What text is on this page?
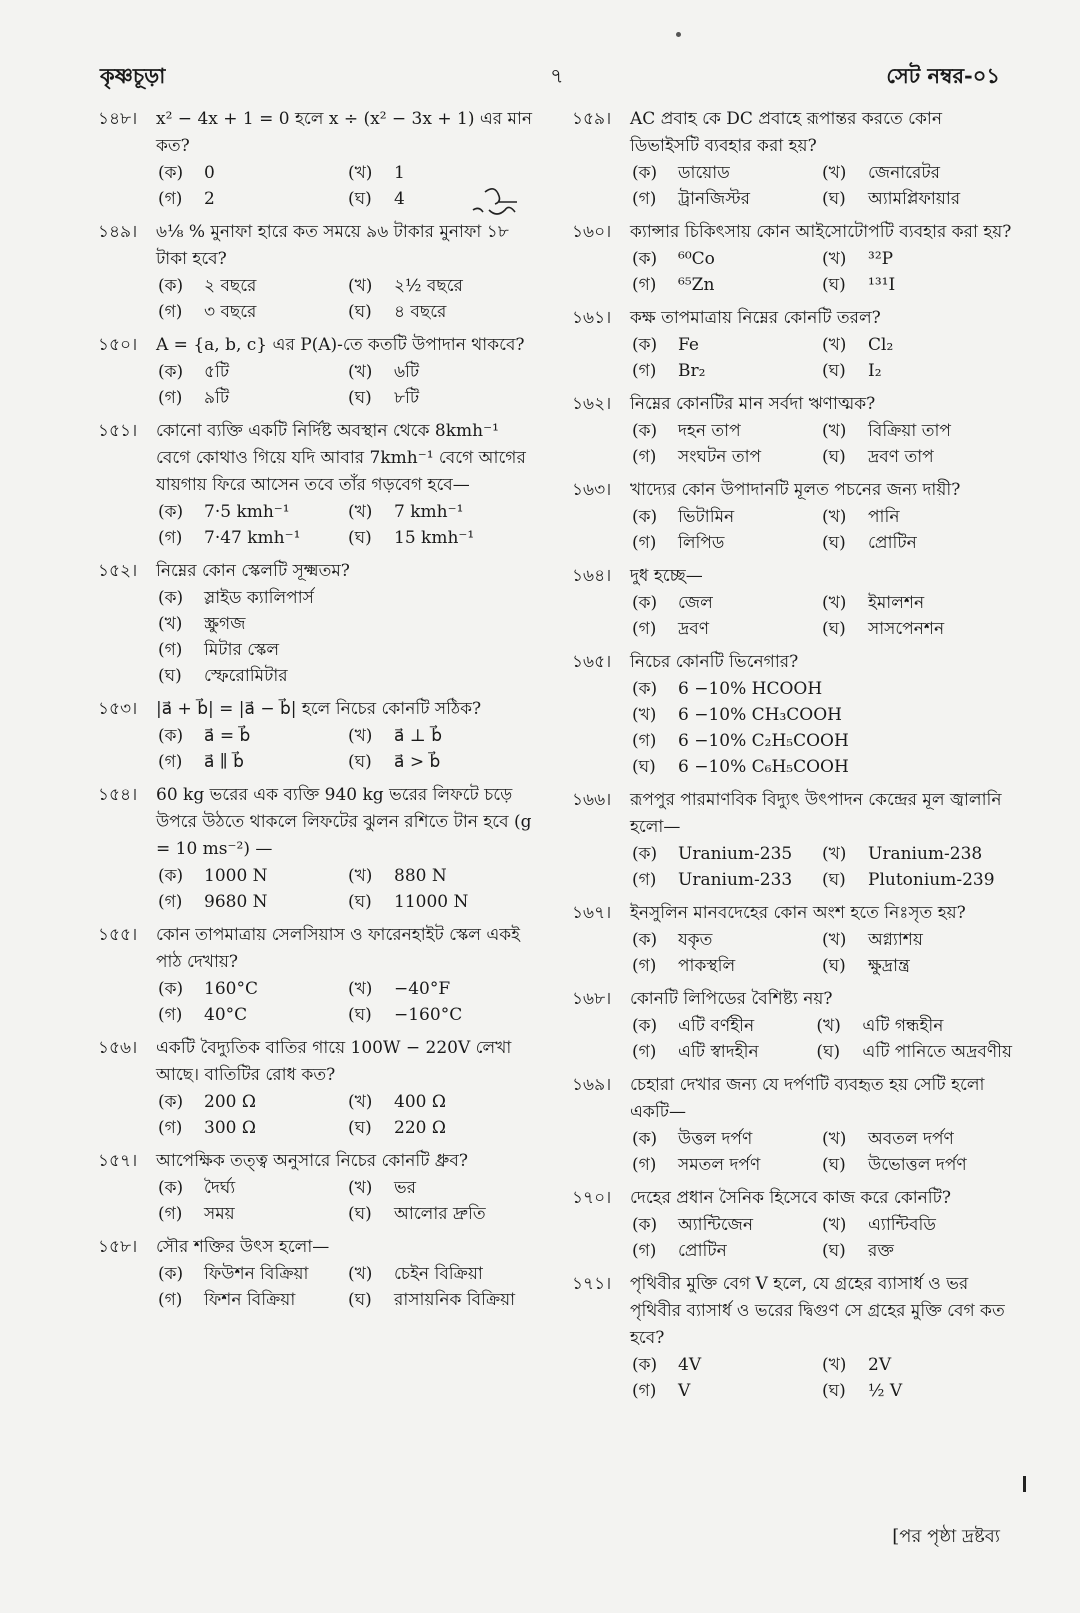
কৃষ্ণচূড়া	৭	সেট নম্বর-০১
১৪৮। x² − 4x + 1 = 0 হলে x ÷ (x² − 3x + 1) এর মান কত?
(ক) 0	(খ) 1
(গ) 2	(ঘ) 4
১৪৯। ৬⅛ % মুনাফা হারে কত সময়ে ৯৬ টাকার মুনাফা ১৮ টাকা হবে?
(ক) ২ বছরে	(খ) ২½ বছরে
(গ) ৩ বছরে	(ঘ) ৪ বছরে
১৫০। A = {a, b, c} এর P(A)-তে কতটি উপাদান থাকবে?
(ক) ৫টি	(খ) ৬টি
(গ) ৯টি	(ঘ) ৮টি
১৫১। কোনো ব্যক্তি একটি নির্দিষ্ট অবস্থান থেকে 8kmh⁻¹ বেগে কোথাও গিয়ে যদি আবার 7kmh⁻¹ বেগে আগের যায়গায় ফিরে আসেন তবে তাঁর গড়বেগ হবে—
(ক) 7·5 kmh⁻¹	(খ) 7 kmh⁻¹
(গ) 7·47 kmh⁻¹	(ঘ) 15 kmh⁻¹
১৫২। নিম্নের কোন স্কেলটি সূক্ষ্মতম?
(ক) স্লাইড ক্যালিপার্স
(খ) স্ক্রুগজ
(গ) মিটার স্কেল
(ঘ) স্ফেরোমিটার
১৫৩। |a⃗ + b⃗| = |a⃗ − b⃗| হলে নিচের কোনটি সঠিক?
(ক) a⃗ = b⃗	(খ) a⃗ ⊥ b⃗
(গ) a⃗ ∥ b⃗	(ঘ) a⃗ > b⃗
১৫৪। 60 kg ভরের এক ব্যক্তি 940 kg ভরের লিফটে চড়ে উপরে উঠতে থাকলে লিফটের ঝুলন রশিতে টান হবে (g = 10 ms⁻²) —
(ক) 1000 N	(খ) 880 N
(গ) 9680 N	(ঘ) 11000 N
১৫৫। কোন তাপমাত্রায় সেলসিয়াস ও ফারেনহাইট স্কেল একই পাঠ দেখায়?
(ক) 160°C	(খ) −40°F
(গ) 40°C	(ঘ) −160°C
১৫৬। একটি বৈদ্যুতিক বাতির গায়ে 100W − 220V লেখা আছে। বাতিটির রোধ কত?
(ক) 200 Ω	(খ) 400 Ω
(গ) 300 Ω	(ঘ) 220 Ω
১৫৭। আপেক্ষিক তত্ত্ব অনুসারে নিচের কোনটি ধ্রুব?
(ক) দৈর্ঘ্য	(খ) ভর
(গ) সময়	(ঘ) আলোর দ্রুতি
১৫৮। সৌর শক্তির উৎস হলো—
(ক) ফিউশন বিক্রিয়া	(খ) চেইন বিক্রিয়া
(গ) ফিশন বিক্রিয়া	(ঘ) রাসায়নিক বিক্রিয়া
১৫৯। AC প্রবাহ কে DC প্রবাহে রূপান্তর করতে কোন ডিভাইসটি ব্যবহার করা হয়?
(ক) ডায়োড	(খ) জেনারেটর
(গ) ট্রানজিস্টর	(ঘ) অ্যামপ্লিফায়ার
১৬০। ক্যান্সার চিকিৎসায় কোন আইসোটোপটি ব্যবহার করা হয়?
(ক) ⁶⁰Co	(খ) ³²P
(গ) ⁶⁵Zn	(ঘ) ¹³¹I
১৬১। কক্ষ তাপমাত্রায় নিম্নের কোনটি তরল?
(ক) Fe	(খ) Cl₂
(গ) Br₂	(ঘ) I₂
১৬২। নিম্নের কোনটির মান সর্বদা ঋণাত্মক?
(ক) দহন তাপ	(খ) বিক্রিয়া তাপ
(গ) সংঘটন তাপ	(ঘ) দ্রবণ তাপ
১৬৩। খাদ্যের কোন উপাদানটি মূলত পচনের জন্য দায়ী?
(ক) ভিটামিন	(খ) পানি
(গ) লিপিড	(ঘ) প্রোটিন
১৬৪। দুধ হচ্ছে—
(ক) জেল	(খ) ইমালশন
(গ) দ্রবণ	(ঘ) সাসপেনশন
১৬৫। নিচের কোনটি ভিনেগার?
(ক) 6 −10% HCOOH
(খ) 6 −10% CH₃COOH
(গ) 6 −10% C₂H₅COOH
(ঘ) 6 −10% C₆H₅COOH
১৬৬। রূপপুর পারমাণবিক বিদ্যুৎ উৎপাদন কেন্দ্রের মূল জ্বালানি হলো—
(ক) Uranium-235	(খ) Uranium-238
(গ) Uranium-233	(ঘ) Plutonium-239
১৬৭। ইনসুলিন মানবদেহের কোন অংশ হতে নিঃসৃত হয়?
(ক) যকৃত	(খ) অগ্ন্যাশয়
(গ) পাকস্থলি	(ঘ) ক্ষুদ্রান্ত্র
১৬৮। কোনটি লিপিডের বৈশিষ্ট্য নয়?
(ক) এটি বর্ণহীন	(খ) এটি গন্ধহীন
(গ) এটি স্বাদহীন	(ঘ) এটি পানিতে অদ্রবণীয়
১৬৯। চেহারা দেখার জন্য যে দর্পণটি ব্যবহৃত হয় সেটি হলো একটি—
(ক) উত্তল দর্পণ	(খ) অবতল দর্পণ
(গ) সমতল দর্পণ	(ঘ) উভোত্তল দর্পণ
১৭০। দেহের প্রধান সৈনিক হিসেবে কাজ করে কোনটি?
(ক) অ্যান্টিজেন	(খ) এ্যান্টিবডি
(গ) প্রোটিন	(ঘ) রক্ত
১৭১। পৃথিবীর মুক্তি বেগ V হলে, যে গ্রহের ব্যাসার্ধ ও ভর পৃথিবীর ব্যাসার্ধ ও ভরের দ্বিগুণ সে গ্রহের মুক্তি বেগ কত হবে?
(ক) 4V	(খ) 2V
(গ) V	(ঘ) ½ V
[পর পৃষ্ঠা দ্রষ্টব্য
